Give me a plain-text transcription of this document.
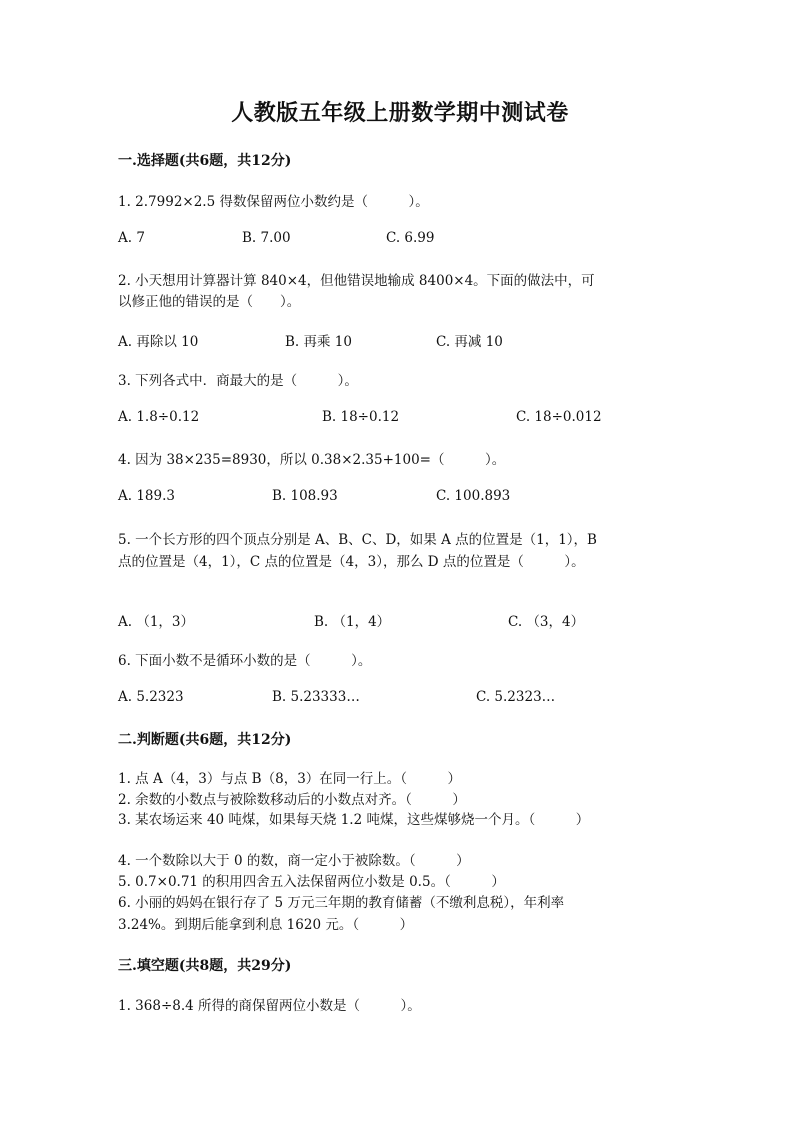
人教版五年级上册数学期中测试卷
一.选择题(共6题，共12分)
1. 2.7992×2.5 得数保留两位小数约是（　　　）。
A. 7	B. 7.00	C. 6.99
2. 小天想用计算器计算 840×4，但他错误地输成 8400×4。下面的做法中，可
以修正他的错误的是（　　）。
A. 再除以 10	B. 再乘 10	C. 再减 10
3. 下列各式中．商最大的是（　　　）。
A. 1.8÷0.12	B. 18÷0.12	C. 18÷0.012
4. 因为 38×235=8930，所以 0.38×2.35+100=（　　　）。
A. 189.3	B. 108.93	C. 100.893
5. 一个长方形的四个顶点分别是 A、B、C、D，如果 A 点的位置是（1，1），B
点的位置是（4，1），C 点的位置是（4，3），那么 D 点的位置是（　　　）。
A. （1，3）	B. （1，4）	C. （3，4）
6. 下面小数不是循环小数的是（　　　）。
A. 5.2323	B. 5.23333…	C. 5.2323…
二.判断题(共6题，共12分)
1. 点 A（4，3）与点 B（8，3）在同一行上。（　　　）
2. 余数的小数点与被除数移动后的小数点对齐。（　　　）
3. 某农场运来 40 吨煤，如果每天烧 1.2 吨煤，这些煤够烧一个月。（　　　）
4. 一个数除以大于 0 的数，商一定小于被除数。（　　　）
5. 0.7×0.71 的积用四舍五入法保留两位小数是 0.5。（　　　）
6. 小丽的妈妈在银行存了 5 万元三年期的教育储蓄（不缴利息税），年利率
3.24%。到期后能拿到利息 1620 元。（　　　）
三.填空题(共8题，共29分)
1. 368÷8.4 所得的商保留两位小数是（　　　）。
